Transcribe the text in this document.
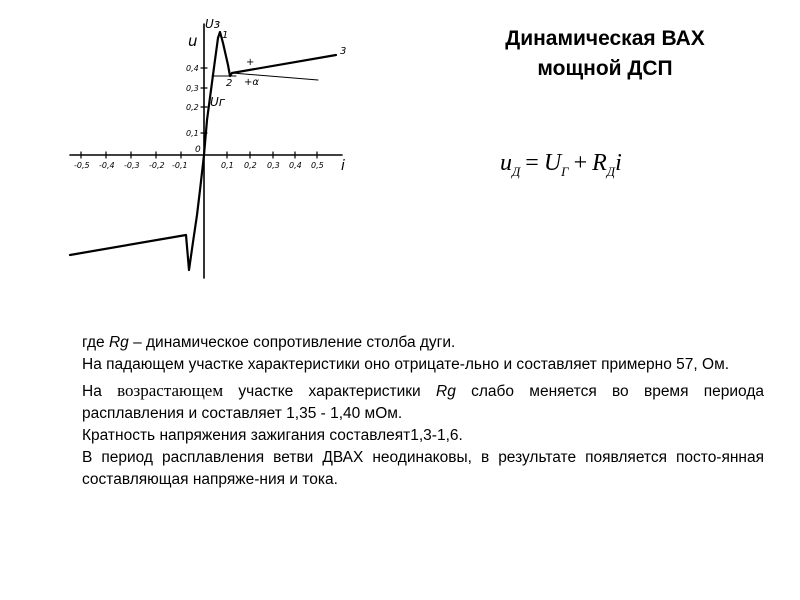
Динамическая ВАХ
мощной ДСП
$u_Д = U_Г + R_Дi$
u
i
Uз
Uг
0
-0,5 -0,4 -0,3 -0,2 -0,1	0,1 0,2 0,3 0,4 0,5
0,1
0,2
0,3
0,4
1
2
3
+
+α

где Rg – динамическое сопротивление столба дуги.

На падающем участке характеристики оно отрицате-льно и составляет примерно 57, Ом.

На возрастающем участке характеристики Rg слабо меняется во время периода расплавления и составляет 1,35 - 1,40 мОм.

Кратность напряжения зажигания составлеят1,3-1,6.

В период расплавления ветви ДВАХ неодинаковы, в результате появляется посто-янная составляющая напряже-ния и тока.
